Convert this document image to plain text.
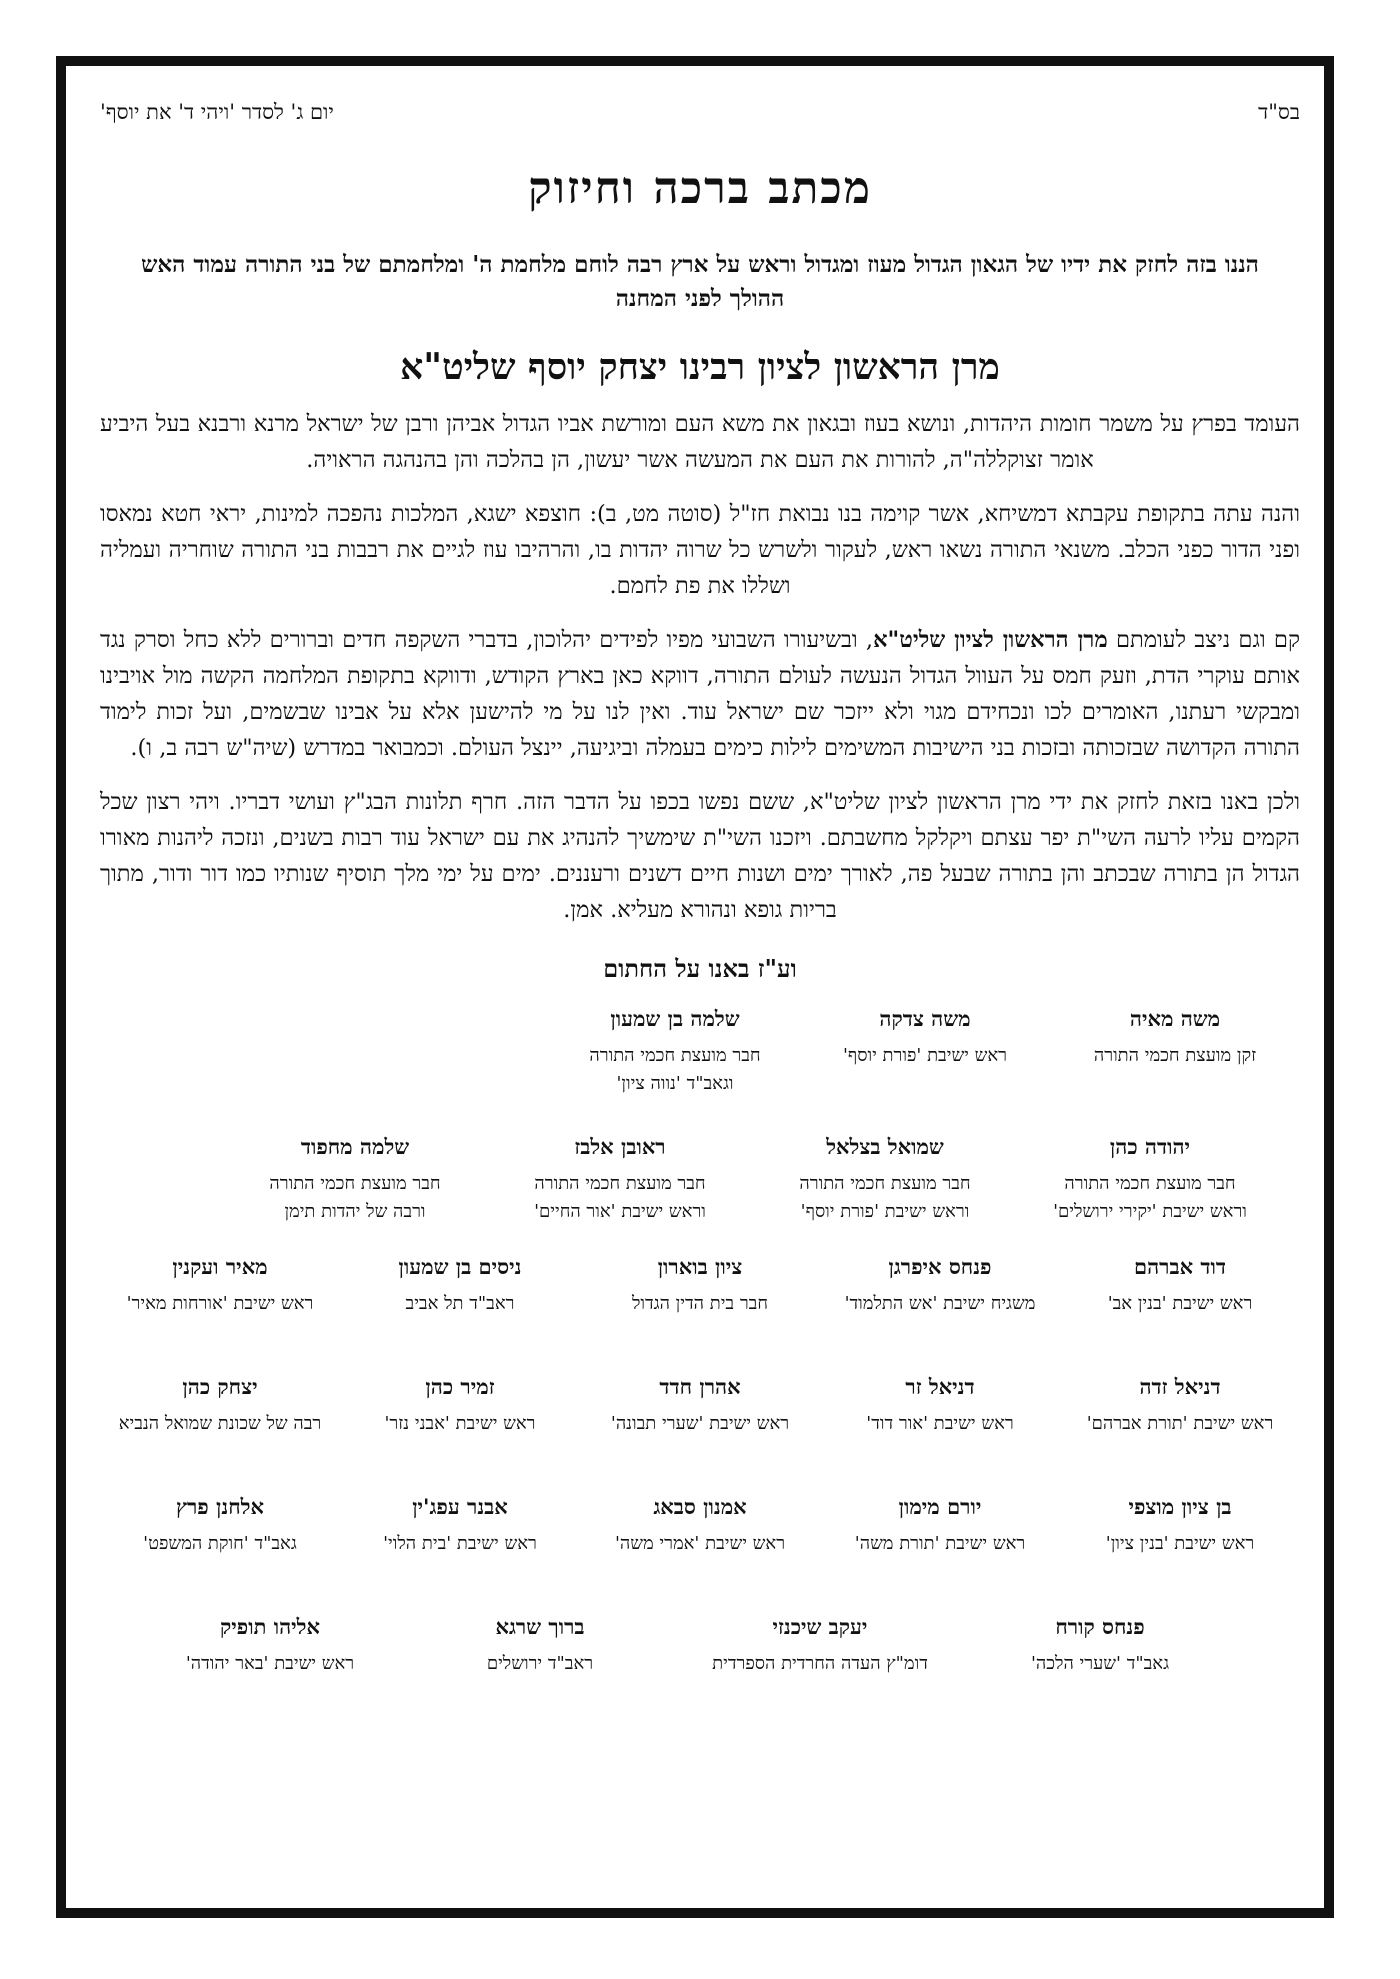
בס"ד
יום ג' לסדר 'ויהי ד' את יוסף'
מכתב ברכה וחיזוק
הננו בזה לחזק את ידיו של הגאון הגדול מעוז ומגדול וראש על ארץ רבה לוחם מלחמת ה' ומלחמתם של בני התורה עמוד האש ההולך לפני המחנה
מרן הראשון לציון רבינו יצחק יוסף שליט"א
העומד בפרץ על משמר חומות היהדות, ונושא בעוז ובגאון את משא העם ומורשת אביו הגדול אביהן ורבן של ישראל מרנא ורבנא בעל היביע אומר זצוקללה"ה, להורות את העם את המעשה אשר יעשון, הן בהלכה והן בהנהגה הראויה.
והנה עתה בתקופת עקבתא דמשיחא, אשר קוימה בנו נבואת חז"ל (סוטה מט, ב): חוצפא ישגא, המלכות נהפכה למינות, יראי חטא נמאסו ופני הדור כפני הכלב. משנאי התורה נשאו ראש, לעקור ולשרש כל שרוה יהדות בו, והרהיבו עוז לגיים את רבבות בני התורה שוחריה ועמליה ושללו את פת לחמם.
קם וגם ניצב לעומתם מרן הראשון לציון שליט"א, ובשיעורו השבועי מפיו לפידים יהלוכון, בדברי השקפה חדים וברורים ללא כחל וסרק נגד אותם עוקרי הדת, וזעק חמס על העוול הגדול הנעשה לעולם התורה, דווקא כאן בארץ הקודש, ודווקא בתקופת המלחמה הקשה מול אויבינו ומבקשי רעתנו, האומרים לכו ונכחידם מגוי ולא ייזכר שם ישראל עוד. ואין לנו על מי להישען אלא על אבינו שבשמים, ועל זכות לימוד התורה הקדושה שבזכותה ובזכות בני הישיבות המשימים לילות כימים בעמלה וביגיעה, יינצל העולם. וכמבואר במדרש (שיה"ש רבה ב, ו).
ולכן באנו בזאת לחזק את ידי מרן הראשון לציון שליט"א, ששם נפשו בכפו על הדבר הזה. חרף תלונות הבג"ץ ועושי דבריו. ויהי רצון שכל הקמים עליו לרעה השי"ת יפר עצתם ויקלקל מחשבתם. ויזכנו השי"ת שימשיך להנהיג את עם ישראל עוד רבות בשנים, ונזכה ליהנות מאורו הגדול הן בתורה שבכתב והן בתורה שבעל פה, לאורך ימים ושנות חיים דשנים ורעננים. ימים על ימי מלך תוסיף שנותיו כמו דור ודור, מתוך בריות גופא ונהורא מעליא. אמן.
וע"ז באנו על החתום
משה מאיה
זקן מועצת חכמי התורה
משה צדקה
ראש ישיבת 'פורת יוסף'
שלמה בן שמעון
חבר מועצת חכמי התורה
וגאב"ד 'נווה ציון'
יהודה כהן
חבר מועצת חכמי התורה
וראש ישיבת 'יקירי ירושלים'
שמואל בצלאל
חבר מועצת חכמי התורה
וראש ישיבת 'פורת יוסף'
ראובן אלבז
חבר מועצת חכמי התורה
וראש ישיבת 'אור החיים'
שלמה מחפוד
חבר מועצת חכמי התורה
ורבה של יהדות תימן
דוד אברהם
ראש ישיבת 'בנין אב'
פנחס איפרגן
משגיח ישיבת 'אש התלמוד'
ציון בוארון
חבר בית הדין הגדול
ניסים בן שמעון
ראב"ד תל אביב
מאיר ועקנין
ראש ישיבת 'אורחות מאיר'
דניאל זדה
ראש ישיבת 'תורת אברהם'
דניאל זר
ראש ישיבת 'אור דוד'
אהרן חדד
ראש ישיבת 'שערי תבונה'
זמיר כהן
ראש ישיבת 'אבני נזר'
יצחק כהן
רבה של שכונת שמואל הנביא
בן ציון מוצפי
ראש ישיבת 'בנין ציון'
יורם מימון
ראש ישיבת 'תורת משה'
אמנון סבאג
ראש ישיבת 'אמרי משה'
אבנר עפג'ין
ראש ישיבת 'בית הלוי'
אלחנן פרץ
גאב"ד 'חוקת המשפט'
פנחס קורח
גאב"ד 'שערי הלכה'
יעקב שיכנזי
דומ"ץ העדה החרדית הספרדית
ברוך שרגא
ראב"ד ירושלים
אליהו תופיק
ראש ישיבת 'באר יהודה'
